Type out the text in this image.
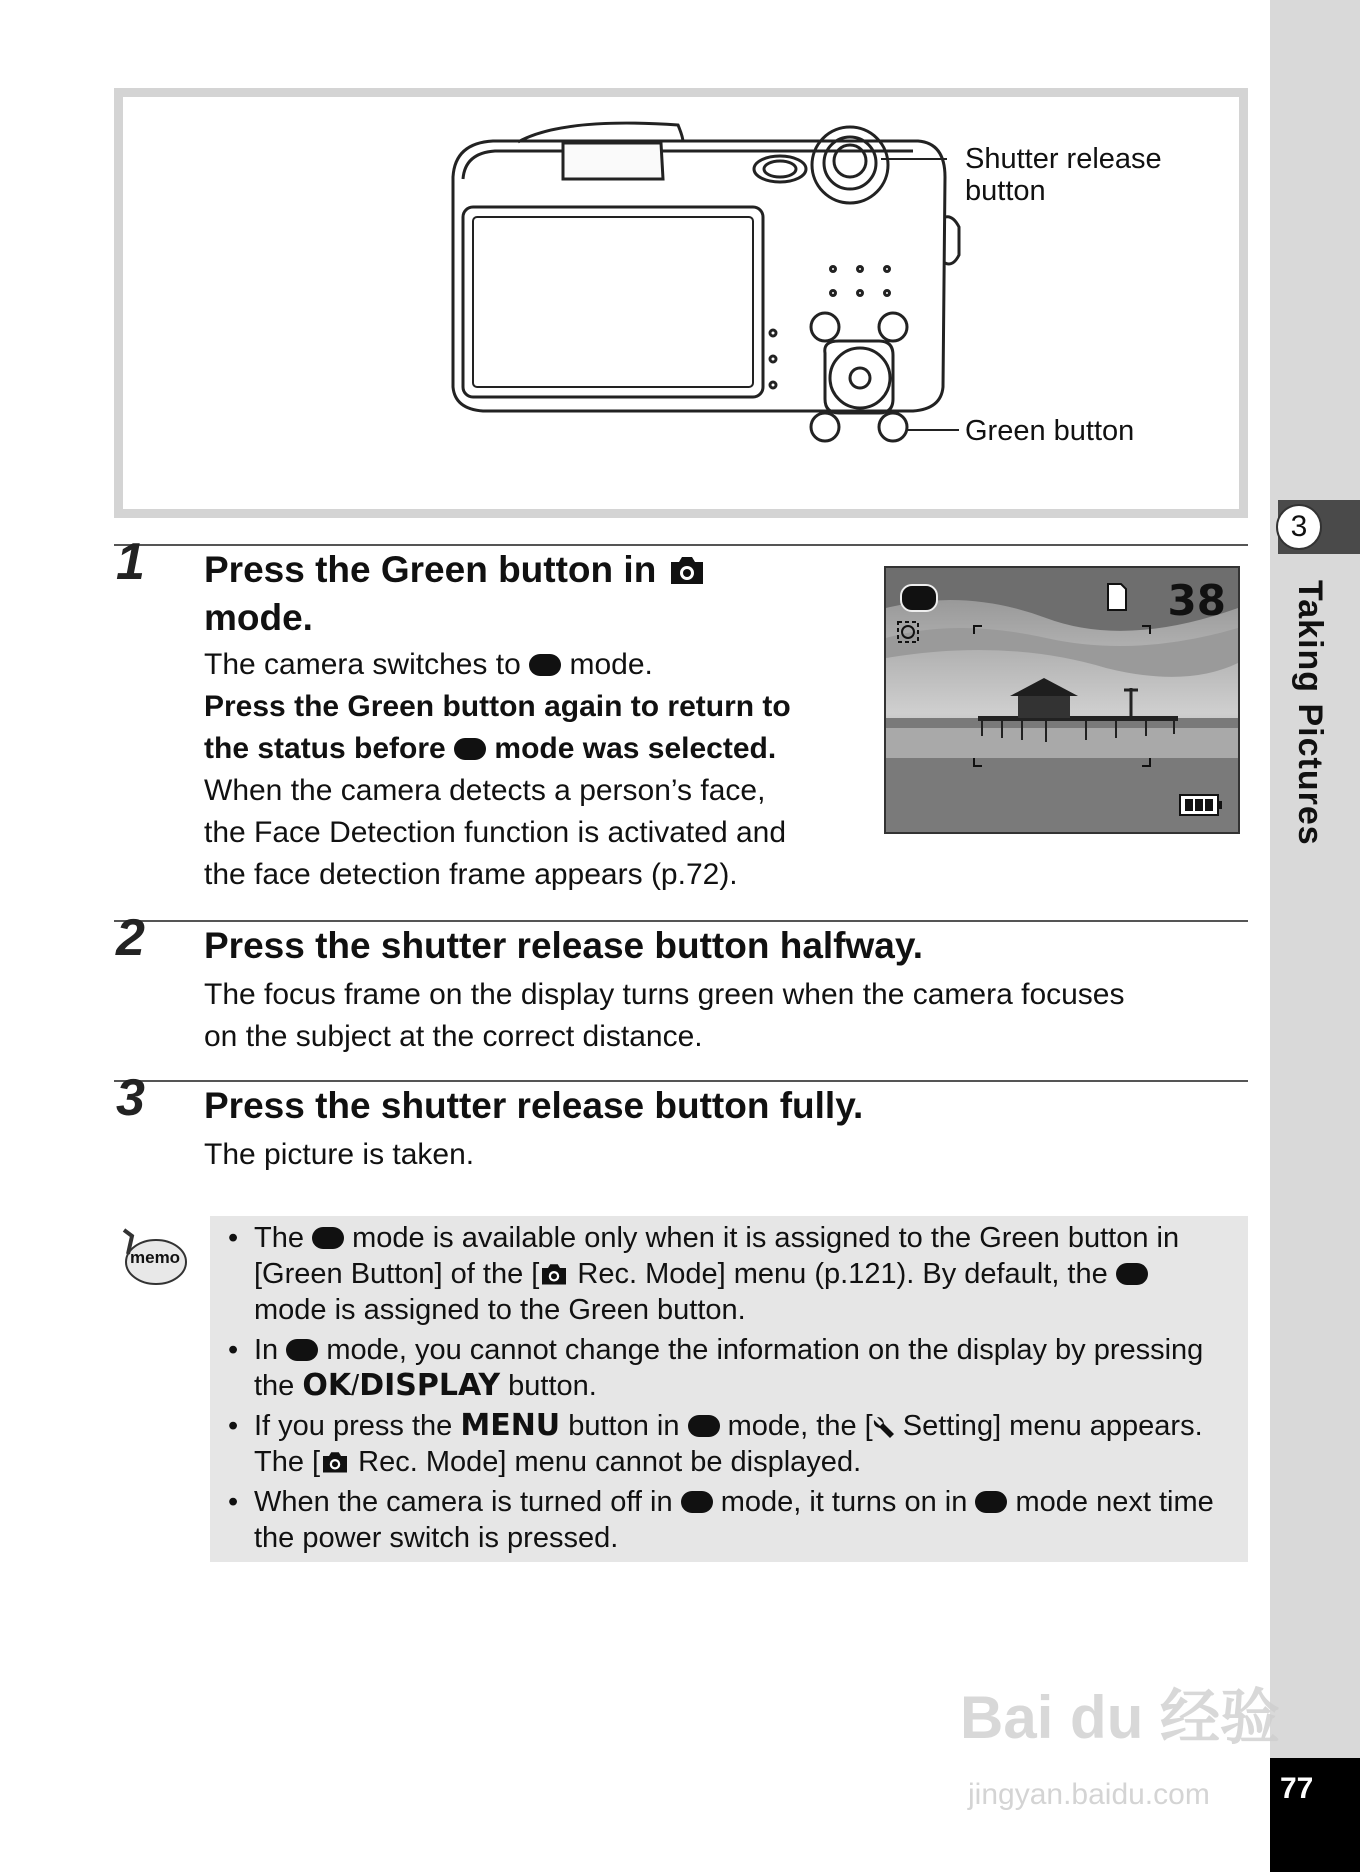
3
Taking Pictures
77
Shutter release
button
Green button
1 Press the Green button in
mode.
The camera switches to mode.
Press the Green button again to return to
the status before mode was selected.
When the camera detects a person’s face,
the Face Detection function is activated and
the face detection frame appears (p.72).
38
2 Press the shutter release button halfway.
The focus frame on the display turns green when the camera focuses
on the subject at the correct distance.
3 Press the shutter release button fully.
The picture is taken.
memo
• The mode is available only when it is assigned to the Green button in [Green Button] of the [ Rec. Mode] menu (p.121). By default, the  mode is assigned to the Green button.
• In mode, you cannot change the information on the display by pressing the OK/DISPLAY button.
• If you press the MENU button in mode, the [ Setting] menu appears. The [ Rec. Mode] menu cannot be displayed.
• When the camera is turned off in mode, it turns on in mode next time the power switch is pressed.
Bai du 经验
jingyan.baidu.com
